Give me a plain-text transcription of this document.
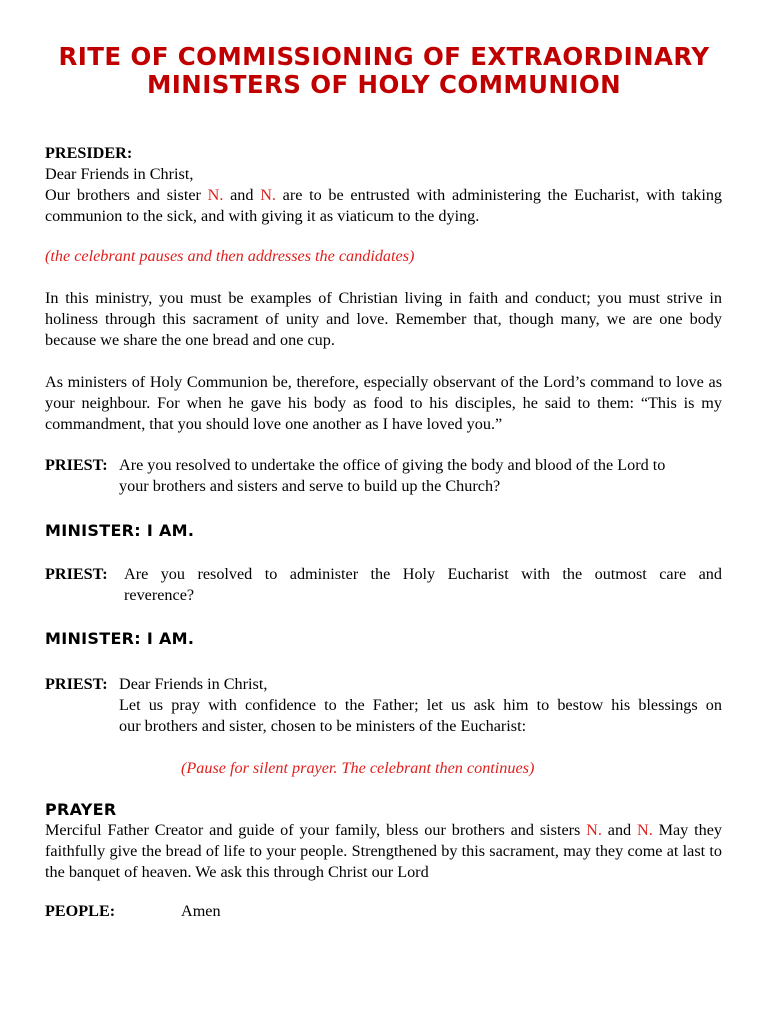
RITE OF COMMISSIONING OF EXTRAORDINARY
MINISTERS OF HOLY COMMUNION
PRESIDER:
Dear Friends in Christ,
Our brothers and sister N. and N. are to be entrusted with administering the Eucharist, with taking communion to the sick, and with giving it as viaticum to the dying.
(the celebrant pauses and then addresses the candidates)
In this ministry, you must be examples of Christian living in faith and conduct; you must strive in holiness through this sacrament of unity and love. Remember that, though many, we are one body because we share the one bread and one cup.
As ministers of Holy Communion be, therefore, especially observant of the Lord’s command to love as your neighbour. For when he gave his body as food to his disciples, he said to them: “This is my commandment, that you should love one another as I have loved you.”
PRIEST: Are you resolved to undertake the office of giving the body and blood of the Lord to
your brothers and sisters and serve to build up the Church?
MINISTER: I AM.
PRIEST: Are you resolved to administer the Holy Eucharist with the outmost care and
reverence?
MINISTER: I AM.
PRIEST: Dear Friends in Christ,
Let us pray with confidence to the Father; let us ask him to bestow his blessings on
our brothers and sister, chosen to be ministers of the Eucharist:
(Pause for silent prayer. The celebrant then continues)
PRAYER
Merciful Father Creator and guide of your family, bless our brothers and sisters N. and N. May they faithfully give the bread of life to your people. Strengthened by this sacrament, may they come at last to the banquet of heaven. We ask this through Christ our Lord
PEOPLE:	Amen
